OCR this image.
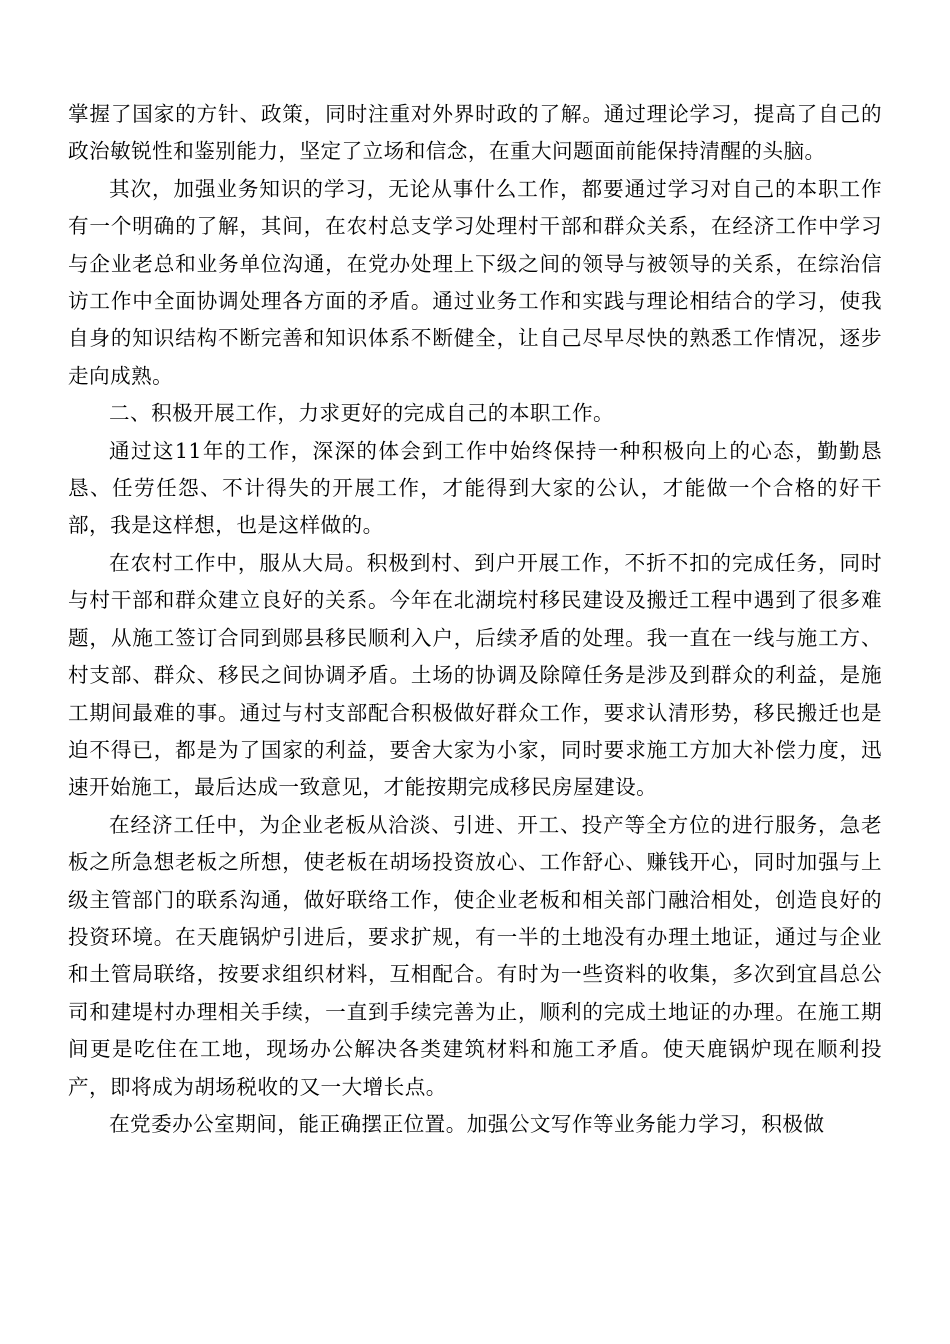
掌握了国家的方针、政策，同时注重对外界时政的了解。通过理论学习，提高了自己的政治敏锐性和鉴别能力，坚定了立场和信念，在重大问题面前能保持清醒的头脑。

其次，加强业务知识的学习，无论从事什么工作，都要通过学习对自己的本职工作有一个明确的了解，其间，在农村总支学习处理村干部和群众关系，在经济工作中学习与企业老总和业务单位沟通，在党办处理上下级之间的领导与被领导的关系，在综治信访工作中全面协调处理各方面的矛盾。通过业务工作和实践与理论相结合的学习，使我自身的知识结构不断完善和知识体系不断健全，让自己尽早尽快的熟悉工作情况，逐步走向成熟。

二、积极开展工作，力求更好的完成自己的本职工作。

通过这11年的工作，深深的体会到工作中始终保持一种积极向上的心态，勤勤恳恳、任劳任怨、不计得失的开展工作，才能得到大家的公认，才能做一个合格的好干部，我是这样想，也是这样做的。

在农村工作中，服从大局。积极到村、到户开展工作，不折不扣的完成任务，同时与村干部和群众建立良好的关系。今年在北湖垸村移民建设及搬迁工程中遇到了很多难题，从施工签订合同到郧县移民顺利入户，后续矛盾的处理。我一直在一线与施工方、村支部、群众、移民之间协调矛盾。土场的协调及除障任务是涉及到群众的利益，是施工期间最难的事。通过与村支部配合积极做好群众工作，要求认清形势，移民搬迁也是迫不得已，都是为了国家的利益，要舍大家为小家，同时要求施工方加大补偿力度，迅速开始施工，最后达成一致意见，才能按期完成移民房屋建设。

在经济工任中，为企业老板从洽淡、引进、开工、投产等全方位的进行服务，急老板之所急想老板之所想，使老板在胡场投资放心、工作舒心、赚钱开心，同时加强与上级主管部门的联系沟通，做好联络工作，使企业老板和相关部门融洽相处，创造良好的投资环境。在天鹿锅炉引进后，要求扩规，有一半的土地没有办理土地证，通过与企业和土管局联络，按要求组织材料，互相配合。有时为一些资料的收集，多次到宜昌总公司和建堤村办理相关手续，一直到手续完善为止，顺利的完成土地证的办理。在施工期间更是吃住在工地，现场办公解决各类建筑材料和施工矛盾。使天鹿锅炉现在顺利投产，即将成为胡场税收的又一大增长点。

在党委办公室期间，能正确摆正位置。加强公文写作等业务能力学习，积极做
